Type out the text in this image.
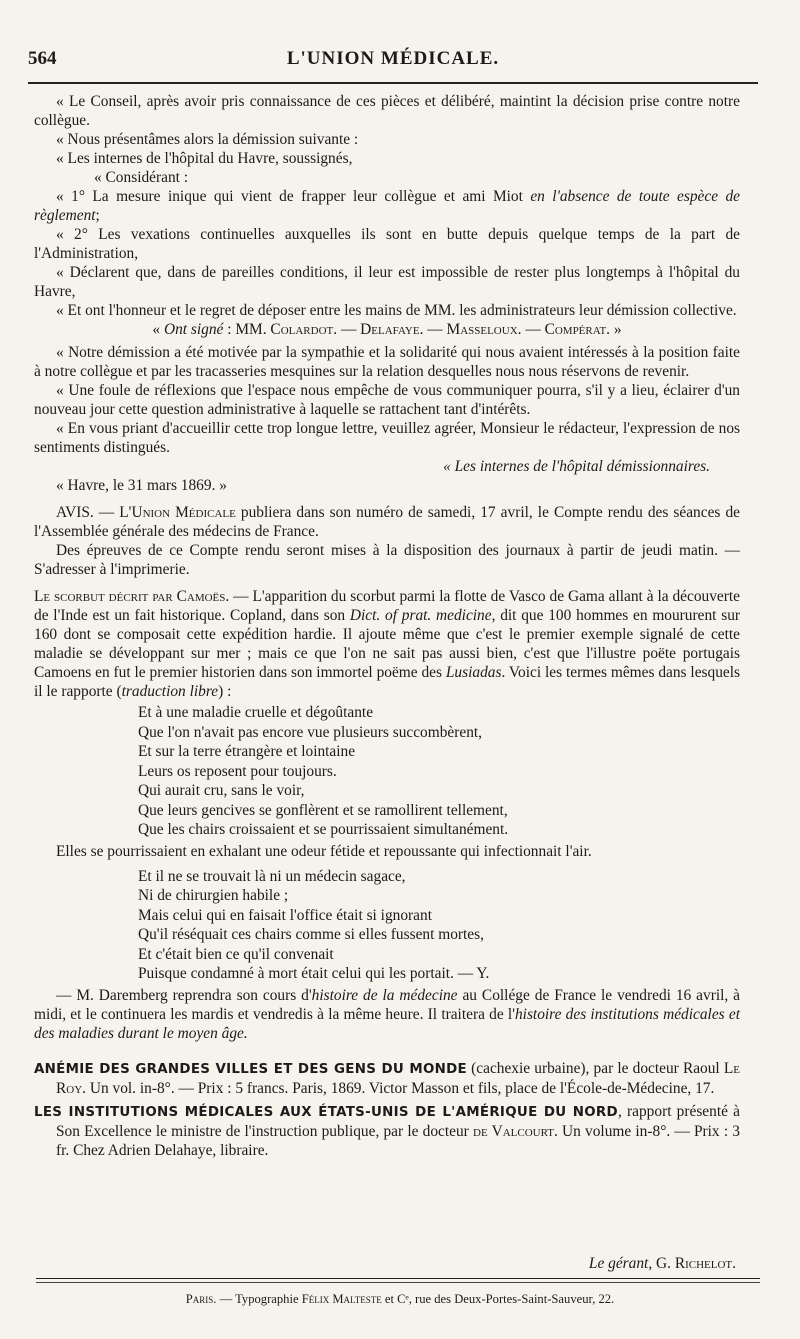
564	L'UNION MÉDICALE.

« Le Conseil, après avoir pris connaissance de ces pièces et délibéré, maintint la décision prise contre notre collègue.

« Nous présentâmes alors la démission suivante :

« Les internes de l'hôpital du Havre, soussignés,

« Considérant :

« 1° La mesure inique qui vient de frapper leur collègue et ami Miot en l'absence de toute espèce de règlement;

« 2° Les vexations continuelles auxquelles ils sont en butte depuis quelque temps de la part de l'Administration,

« Déclarent que, dans de pareilles conditions, il leur est impossible de rester plus longtemps à l'hôpital du Havre,

« Et ont l'honneur et le regret de déposer entre les mains de MM. les administrateurs leur démission collective.

« Ont signé : MM. Colardot. — Delafaye. — Masseloux. — Compérat. »

« Notre démission a été motivée par la sympathie et la solidarité qui nous avaient intéressés à la position faite à notre collègue et par les tracasseries mesquines sur la relation desquelles nous nous réservons de revenir.

« Une foule de réflexions que l'espace nous empêche de vous communiquer pourra, s'il y a lieu, éclairer d'un nouveau jour cette question administrative à laquelle se rattachent tant d'intérêts.

« En vous priant d'accueillir cette trop longue lettre, veuillez agréer, Monsieur le rédacteur, l'expression de nos sentiments distingués.

« Les internes de l'hôpital démissionnaires.

« Havre, le 31 mars 1869. »

AVIS. — L'Union Médicale publiera dans son numéro de samedi, 17 avril, le Compte rendu des séances de l'Assemblée générale des médecins de France.

Des épreuves de ce Compte rendu seront mises à la disposition des journaux à partir de jeudi matin. — S'adresser à l'imprimerie.

Le scorbut décrit par Camoës. — L'apparition du scorbut parmi la flotte de Vasco de Gama allant à la découverte de l'Inde est un fait historique. Copland, dans son Dict. of prat. medicine, dit que 100 hommes en moururent sur 160 dont se composait cette expédition hardie. Il ajoute même que c'est le premier exemple signalé de cette maladie se développant sur mer ; mais ce que l'on ne sait pas aussi bien, c'est que l'illustre poëte portugais Camoens en fut le premier historien dans son immortel poëme des Lusiadas. Voici les termes mêmes dans lesquels il le rapporte (traduction libre) :

Et à une maladie cruelle et dégoûtante
Que l'on n'avait pas encore vue plusieurs succombèrent,
Et sur la terre étrangère et lointaine
Leurs os reposent pour toujours.
Qui aurait cru, sans le voir,
Que leurs gencives se gonflèrent et se ramollirent tellement,
Que les chairs croissaient et se pourrissaient simultanément.

Elles se pourrissaient en exhalant une odeur fétide et repoussante qui infectionnait l'air.

Et il ne se trouvait là ni un médecin sagace,
Ni de chirurgien habile ;
Mais celui qui en faisait l'office était si ignorant
Qu'il réséquait ces chairs comme si elles fussent mortes,
Et c'était bien ce qu'il convenait
Puisque condamné à mort était celui qui les portait. — Y.

— M. Daremberg reprendra son cours d'histoire de la médecine au Collége de France le vendredi 16 avril, à midi, et le continuera les mardis et vendredis à la même heure. Il traitera de l'histoire des institutions médicales et des maladies durant le moyen âge.

ANÉMIE DES GRANDES VILLES ET DES GENS DU MONDE (cachexie urbaine), par le docteur Raoul Le Roy. Un vol. in-8°. — Prix : 5 francs. Paris, 1869. Victor Masson et fils, place de l'École-de-Médecine, 17.

LES INSTITUTIONS MÉDICALES AUX ÉTATS-UNIS DE L'AMÉRIQUE DU NORD, rapport présenté à Son Excellence le ministre de l'instruction publique, par le docteur de Valcourt. Un volume in-8°. — Prix : 3 fr. Chez Adrien Delahaye, libraire.

Le gérant, G. Richelot.
Paris. — Typographie Félix Malteste et Cᵉ, rue des Deux-Portes-Saint-Sauveur, 22.
